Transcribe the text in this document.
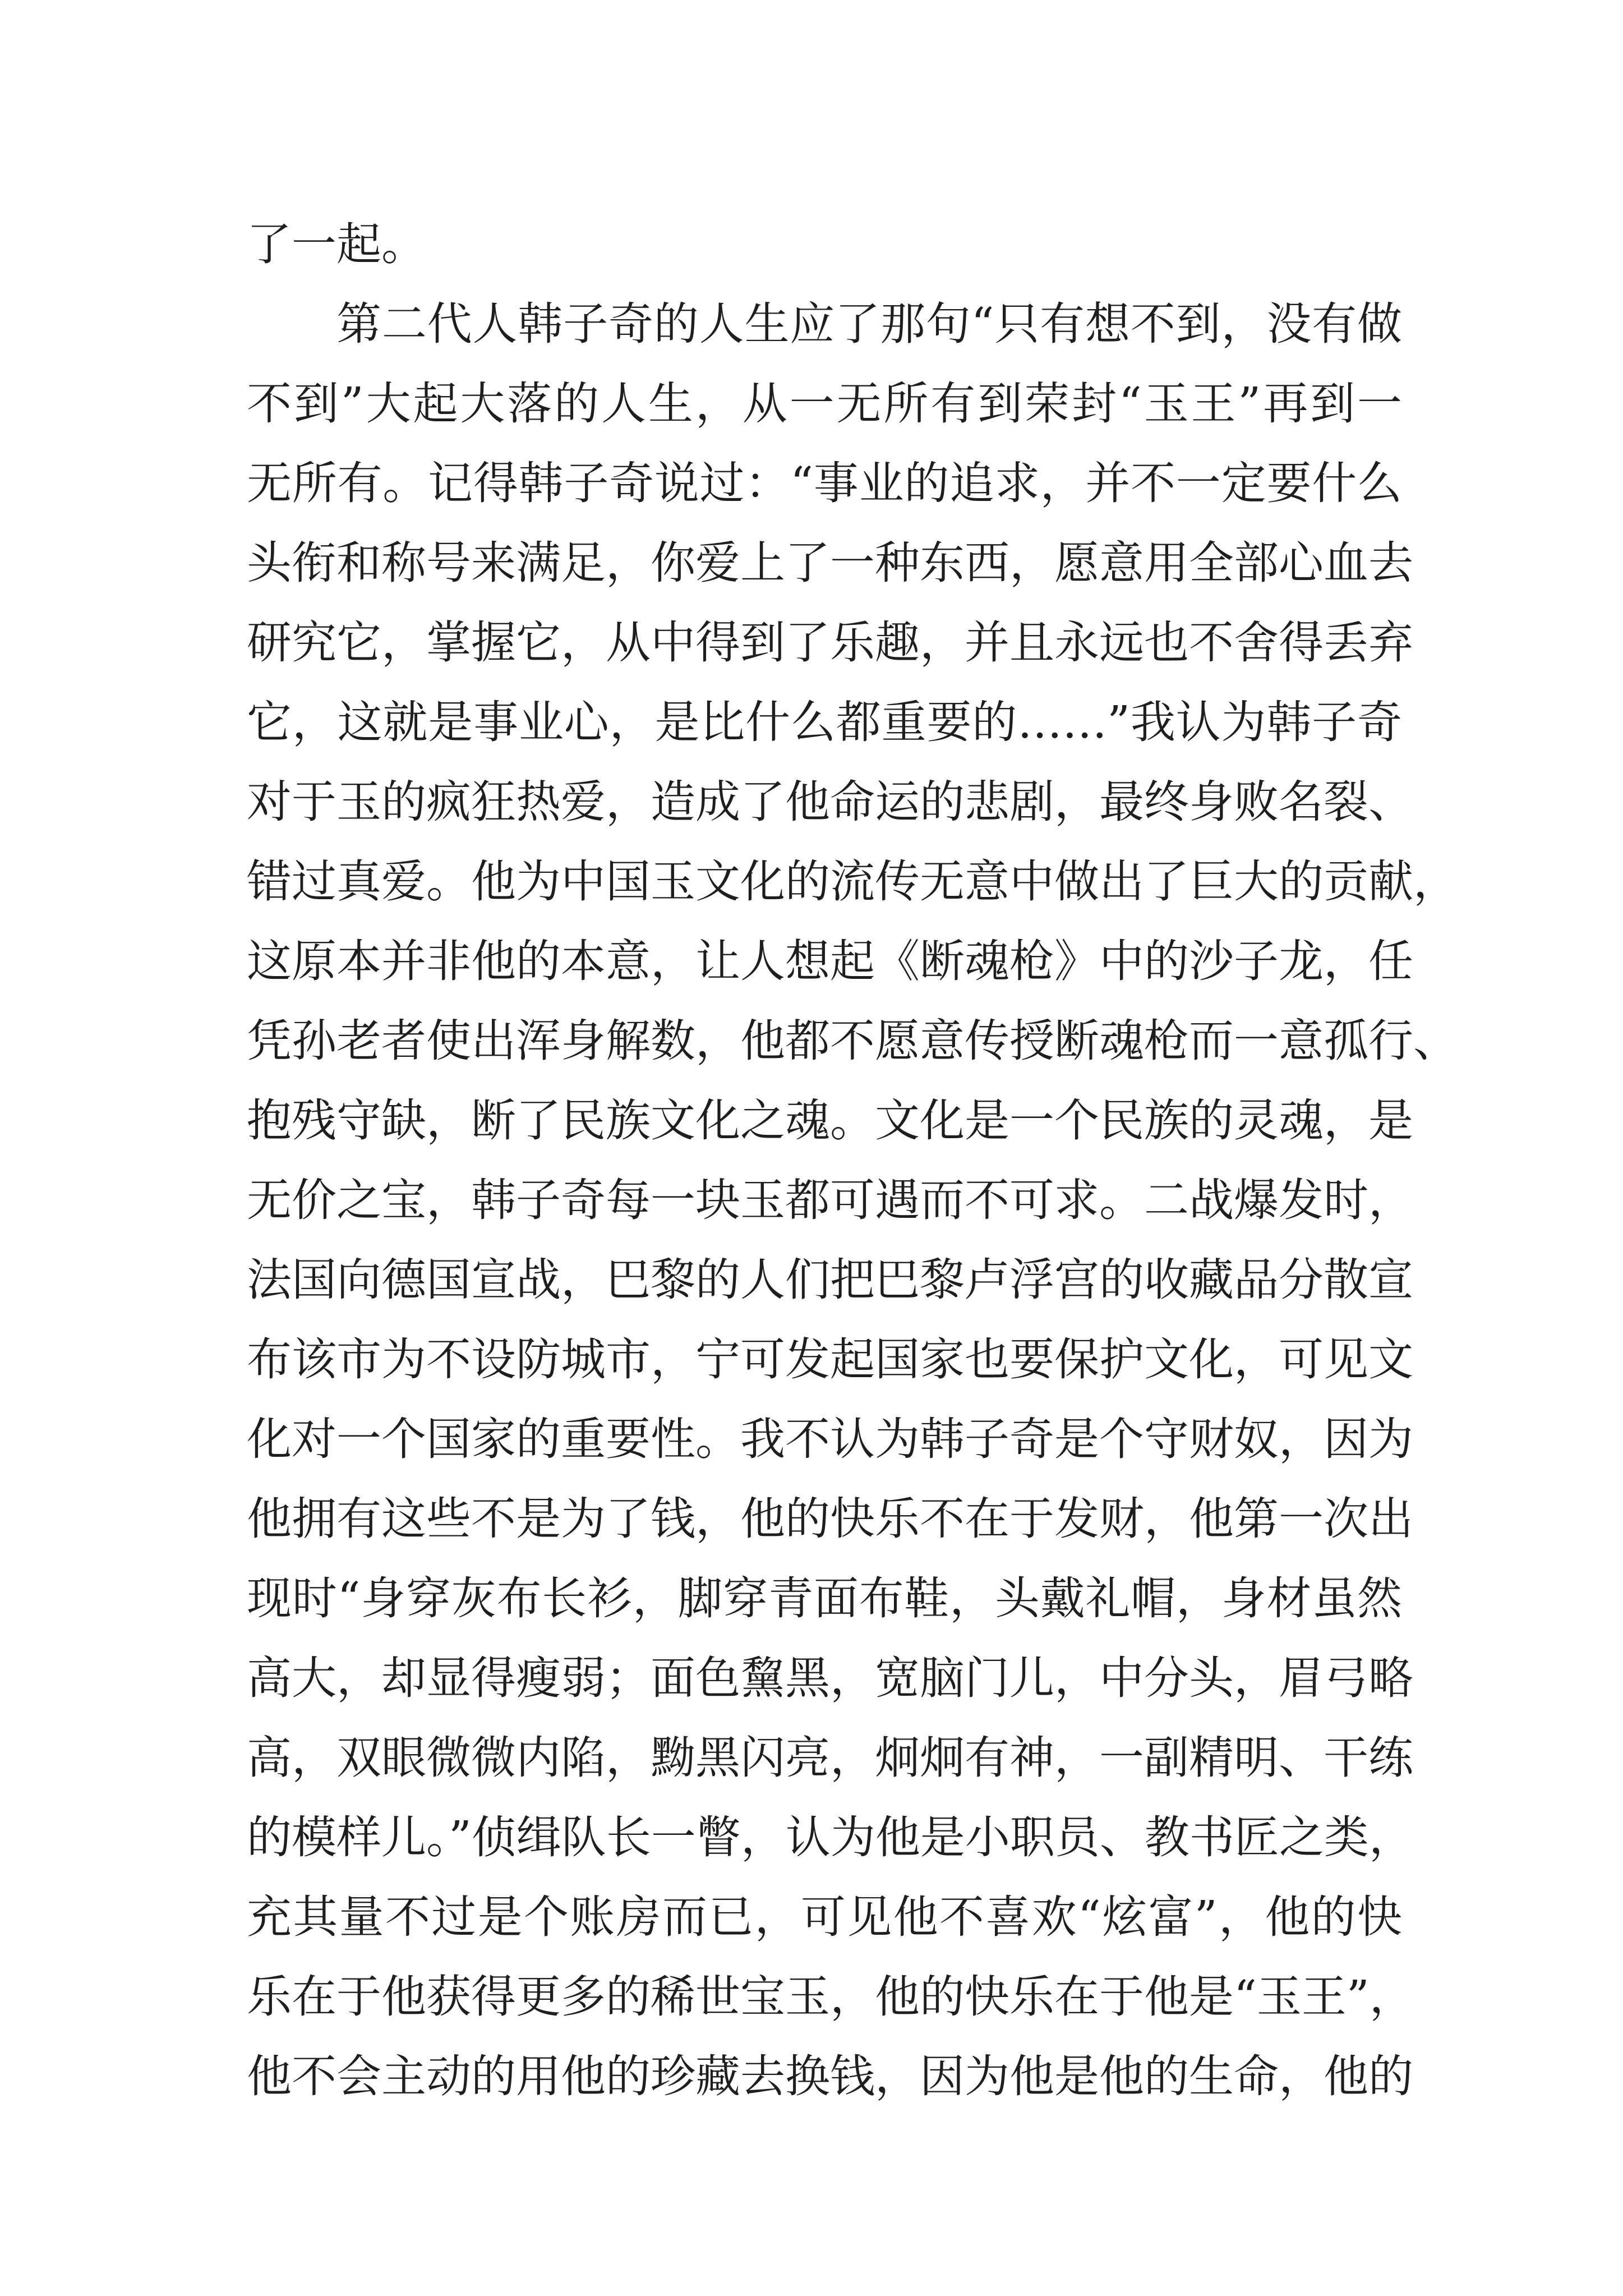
了一起。
第二代人韩子奇的人生应了那句“只有想不到，没有做
不到”大起大落的人生，从一无所有到荣封“玉王”再到一
无所有。记得韩子奇说过：“事业的追求，并不一定要什么
头衔和称号来满足，你爱上了一种东西，愿意用全部心血去
研究它，掌握它，从中得到了乐趣，并且永远也不舍得丢弃
它，这就是事业心，是比什么都重要的……”我认为韩子奇
对于玉的疯狂热爱，造成了他命运的悲剧，最终身败名裂、
错过真爱。他为中国玉文化的流传无意中做出了巨大的贡献，
这原本并非他的本意，让人想起《断魂枪》中的沙子龙，任
凭孙老者使出浑身解数，他都不愿意传授断魂枪而一意孤行、
抱残守缺，断了民族文化之魂。文化是一个民族的灵魂，是
无价之宝，韩子奇每一块玉都可遇而不可求。二战爆发时，
法国向德国宣战，巴黎的人们把巴黎卢浮宫的收藏品分散宣
布该市为不设防城市，宁可发起国家也要保护文化，可见文
化对一个国家的重要性。我不认为韩子奇是个守财奴，因为
他拥有这些不是为了钱，他的快乐不在于发财，他第一次出
现时“身穿灰布长衫，脚穿青面布鞋，头戴礼帽，身材虽然
高大，却显得瘦弱；面色黧黑，宽脑门儿，中分头，眉弓略
高，双眼微微内陷，黝黑闪亮，炯炯有神，一副精明、干练
的模样儿。”侦缉队长一瞥，认为他是小职员、教书匠之类，
充其量不过是个账房而已，可见他不喜欢“炫富”，他的快
乐在于他获得更多的稀世宝玉，他的快乐在于他是“玉王”，
他不会主动的用他的珍藏去换钱，因为他是他的生命，他的
